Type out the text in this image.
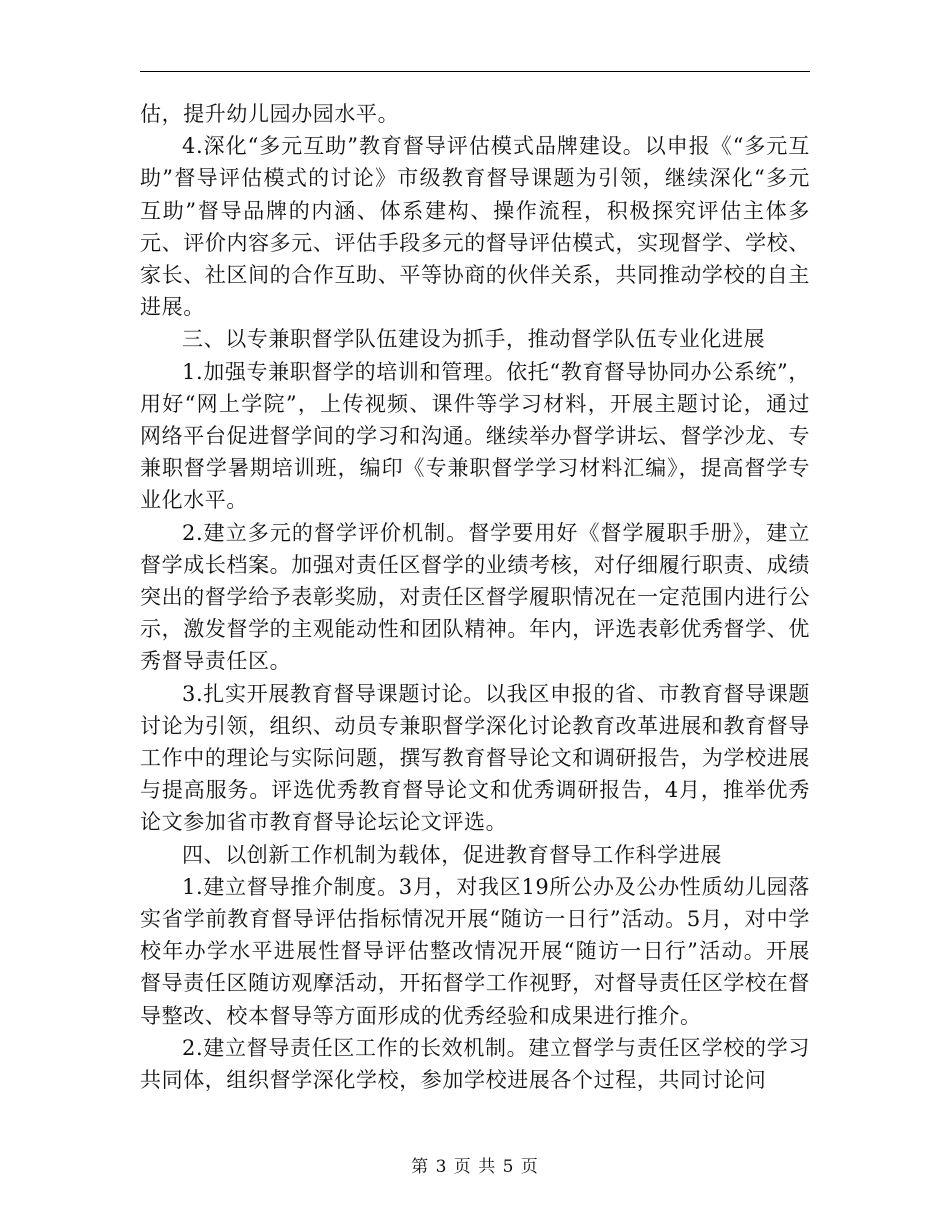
估，提升幼儿园办园水平。

4.深化“多元互助”教育督导评估模式品牌建设。以申报《“多元互助”督导评估模式的讨论》市级教育督导课题为引领，继续深化“多元互助”督导品牌的内涵、体系建构、操作流程，积极探究评估主体多元、评价内容多元、评估手段多元的督导评估模式，实现督学、学校、家长、社区间的合作互助、平等协商的伙伴关系，共同推动学校的自主进展。

三、以专兼职督学队伍建设为抓手，推动督学队伍专业化进展

1.加强专兼职督学的培训和管理。依托“教育督导协同办公系统”，用好“网上学院”，上传视频、课件等学习材料，开展主题讨论，通过网络平台促进督学间的学习和沟通。继续举办督学讲坛、督学沙龙、专兼职督学暑期培训班，编印《专兼职督学学习材料汇编》，提高督学专业化水平。

2.建立多元的督学评价机制。督学要用好《督学履职手册》，建立督学成长档案。加强对责任区督学的业绩考核，对仔细履行职责、成绩突出的督学给予表彰奖励，对责任区督学履职情况在一定范围内进行公示，激发督学的主观能动性和团队精神。年内，评选表彰优秀督学、优秀督导责任区。

3.扎实开展教育督导课题讨论。以我区申报的省、市教育督导课题讨论为引领，组织、动员专兼职督学深化讨论教育改革进展和教育督导工作中的理论与实际问题，撰写教育督导论文和调研报告，为学校进展与提高服务。评选优秀教育督导论文和优秀调研报告，4月，推举优秀论文参加省市教育督导论坛论文评选。

四、以创新工作机制为载体，促进教育督导工作科学进展

1.建立督导推介制度。3月，对我区19所公办及公办性质幼儿园落实省学前教育督导评估指标情况开展“随访一日行”活动。5月，对中学校年办学水平进展性督导评估整改情况开展“随访一日行”活动。开展督导责任区随访观摩活动，开拓督学工作视野，对督导责任区学校在督导整改、校本督导等方面形成的优秀经验和成果进行推介。

2.建立督导责任区工作的长效机制。建立督学与责任区学校的学习共同体，组织督学深化学校，参加学校进展各个过程，共同讨论问

第 3 页 共 5 页
